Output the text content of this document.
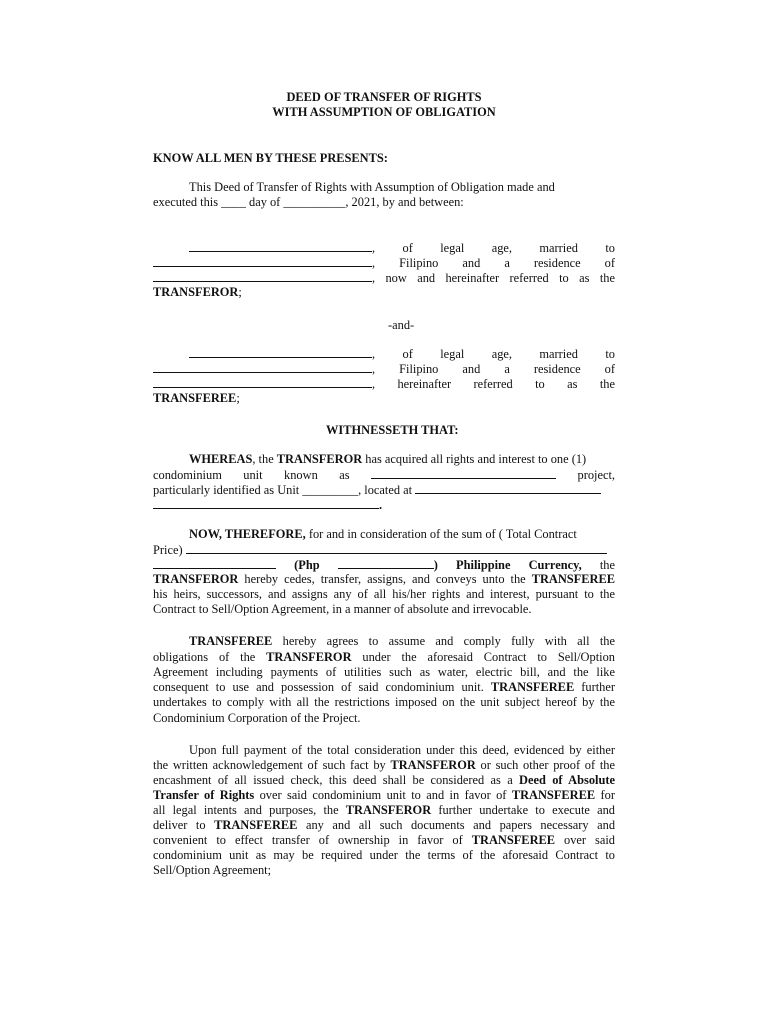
DEED OF TRANSFER OF RIGHTS
WITH ASSUMPTION OF OBLIGATION
KNOW ALL MEN BY THESE PRESENTS:
This Deed of Transfer of Rights with Assumption of Obligation made and
executed this ____ day of __________, 2021, by and between:
, of legal age, married to
, Filipino and a residence of
, now and hereinafter referred to as the
TRANSFEROR;
-and-
, of legal age, married to
, Filipino and a residence of
, hereinafter referred to as the
TRANSFEREE;
WITHNESSETH THAT:
WHEREAS, the TRANSFEROR has acquired all rights and interest to one (1)
condominium unit known as	project,
particularly identified as Unit _________, located at
.
NOW, THEREFORE, for and in consideration of the sum of ( Total Contract
Price)
(Php	) Philippine Currency, the
TRANSFEROR hereby cedes, transfer, assigns, and conveys unto the TRANSFEREE
his heirs, successors, and assigns any of all his/her rights and interest, pursuant to the
Contract to Sell/Option Agreement, in a manner of absolute and irrevocable.
TRANSFEREE hereby agrees to assume and comply fully with all the
obligations of the TRANSFEROR under the aforesaid Contract to Sell/Option
Agreement including payments of utilities such as water, electric bill, and the like
consequent to use and possession of said condominium unit. TRANSFEREE further
undertakes to comply with all the restrictions imposed on the unit subject hereof by the
Condominium Corporation of the Project.
Upon full payment of the total consideration under this deed, evidenced by either
the written acknowledgement of such fact by TRANSFEROR or such other proof of the
encashment of all issued check, this deed shall be considered as a Deed of Absolute
Transfer of Rights over said condominium unit to and in favor of TRANSFEREE for
all legal intents and purposes, the TRANSFEROR further undertake to execute and
deliver to TRANSFEREE any and all such documents and papers necessary and
convenient to effect transfer of ownership in favor of TRANSFEREE over said
condominium unit as may be required under the terms of the aforesaid Contract to
Sell/Option Agreement;
